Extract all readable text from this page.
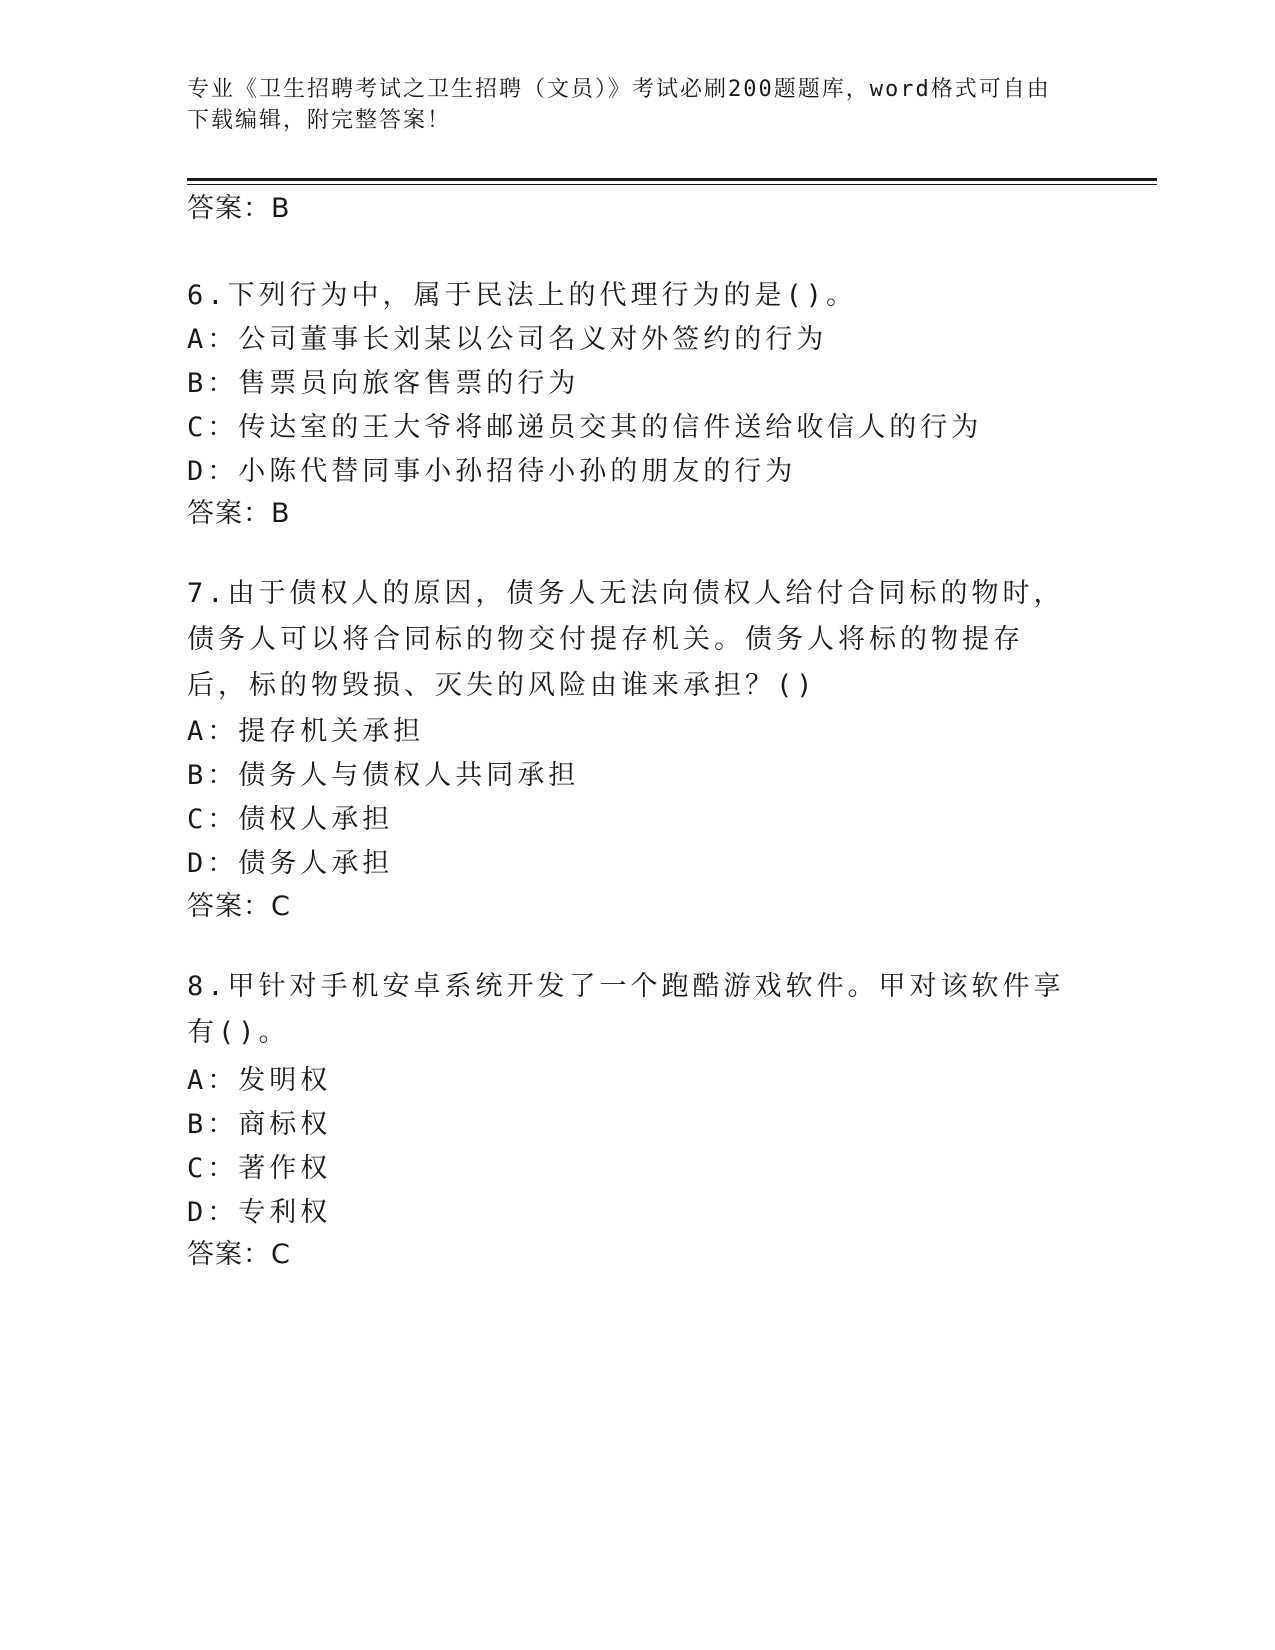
专业《卫生招聘考试之卫生招聘（文员）》考试必刷200题题库，word格式可自由下载编辑，附完整答案！
答案：B
6.下列行为中，属于民法上的代理行为的是()。
A：公司董事长刘某以公司名义对外签约的行为
B：售票员向旅客售票的行为
C：传达室的王大爷将邮递员交其的信件送给收信人的行为
D：小陈代替同事小孙招待小孙的朋友的行为
答案：B
7.由于债权人的原因，债务人无法向债权人给付合同标的物时，债务人可以将合同标的物交付提存机关。债务人将标的物提存后，标的物毁损、灭失的风险由谁来承担？()
A：提存机关承担
B：债务人与债权人共同承担
C：债权人承担
D：债务人承担
答案：C
8.甲针对手机安卓系统开发了一个跑酷游戏软件。甲对该软件享有()。
A：发明权
B：商标权
C：著作权
D：专利权
答案：C
